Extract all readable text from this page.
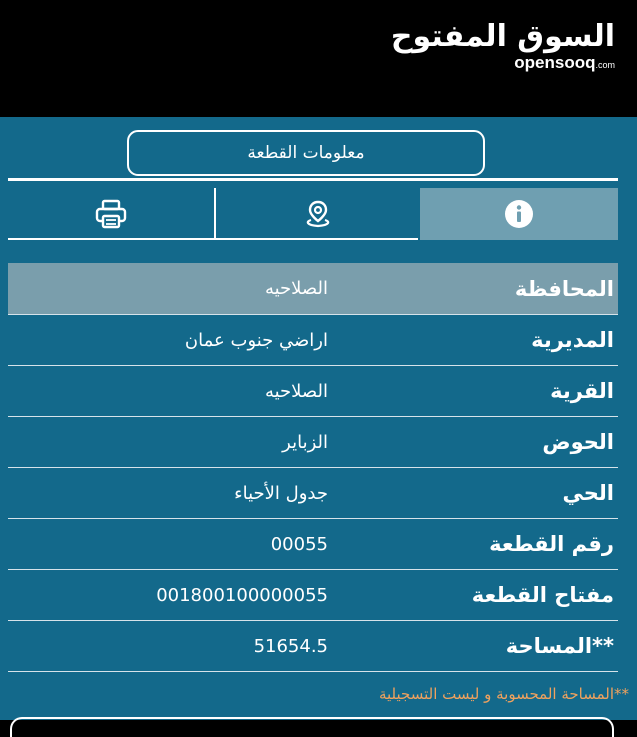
السوق المفتوح
opensooq.com
معلومات القطعة
المحافظة
الصلاحيه
المديرية
اراضي جنوب عمان
القرية
الصلاحيه
الحوض
الزباير
الحي
جدول الأحياء
رقم القطعة
00055
مفتاح القطعة
001800100000055
**المساحة
51654.5
**المساحة المحسوبة و ليست التسجيلية
